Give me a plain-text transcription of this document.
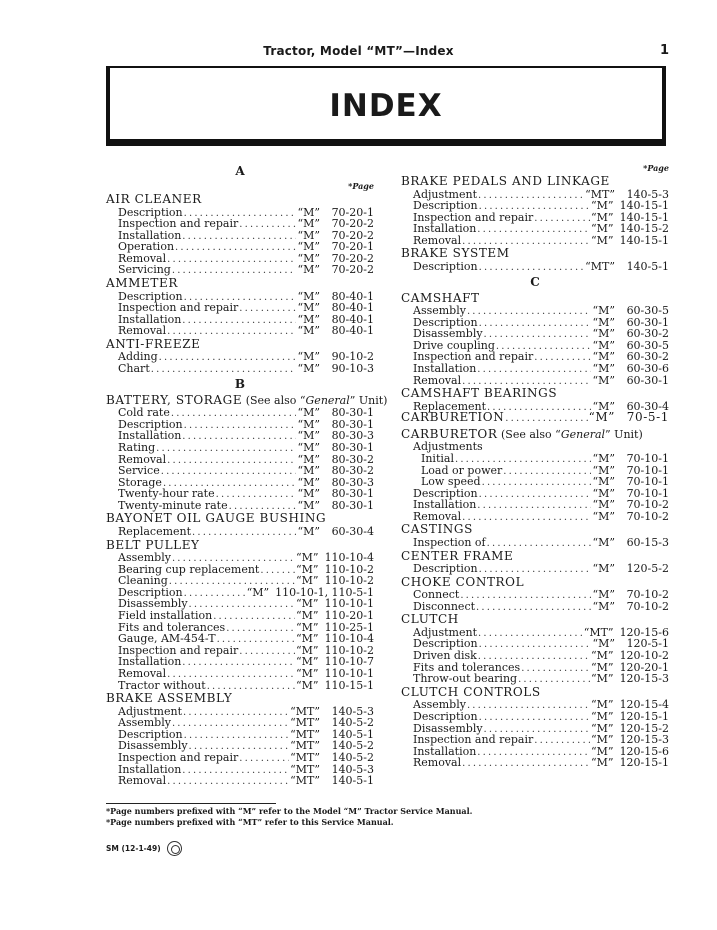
Tractor, Model “MT”—Index	1
INDEX
A
*Page
AIR CLEANER
Description . . .	“M”	70-20-1
Inspection and repair . . .	“M”	70-20-2
Installation . . .	“M”	70-20-2
Operation . . .	“M”	70-20-1
Removal . . .	“M”	70-20-2
Servicing . . .	“M”	70-20-2
AMMETER
Description . . .	“M”	80-40-1
Inspection and repair . . .	“M”	80-40-1
Installation . . .	“M”	80-40-1
Removal . . .	“M”	80-40-1
ANTI-FREEZE
Adding . . .	“M”	90-10-2
Chart . . .	“M”	90-10-3
B
BATTERY, STORAGE (See also “General” Unit)
Cold rate . . .	“M”	80-30-1
Description . . .	“M”	80-30-1
Installation . . .	“M”	80-30-3
Rating . . .	“M”	80-30-1
Removal . . .	“M”	80-30-2
Service . . .	“M”	80-30-2
Storage . . .	“M”	80-30-3
Twenty-hour rate . . .	“M”	80-30-1
Twenty-minute rate . . .	“M”	80-30-1
BAYONET OIL GAUGE BUSHING
Replacement . . .	“M”	60-30-4
BELT PULLEY
Assembly . . .	“M” 110-10-4
Bearing cup replacement . . .	“M” 110-10-2
Cleaning . . .	“M” 110-10-2
Description . . .	“M” 110-10-1, 110-5-1
Disassembly . . .	“M” 110-10-1
Field installation . . .	“M” 110-20-1
Fits and tolerances . . .	“M” 110-25-1
Gauge, AM-454-T . . .	“M” 110-10-4
Inspection and repair . . .	“M” 110-10-2
Installation . . .	“M” 110-10-7
Removal . . .	“M” 110-10-1
Tractor without . . .	“M” 110-15-1
BRAKE ASSEMBLY
Adjustment . . .	“MT”	140-5-3
Assembly . . .	“MT”	140-5-2
Description . . .	“MT”	140-5-1
Disassembly . . .	“MT”	140-5-2
Inspection and repair . . .	“MT”	140-5-2
Installation . . .	“MT”	140-5-3
Removal . . .	“MT”	140-5-1
*Page
BRAKE PEDALS AND LINKAGE
Adjustment . . .	“MT”	140-5-3
Description . . .	“M” 140-15-1
Inspection and repair . . .	“M” 140-15-1
Installation . . .	“M” 140-15-2
Removal . . .	“M” 140-15-1
BRAKE SYSTEM
Description . . .	“MT”	140-5-1
C
CAMSHAFT
Assembly . . .	“M”	60-30-5
Description . . .	“M”	60-30-1
Disassembly . . .	“M”	60-30-2
Drive coupling . . .	“M”	60-30-5
Inspection and repair . . .	“M”	60-30-2
Installation . . .	“M”	60-30-6
Removal . . .	“M”	60-30-1
CAMSHAFT BEARINGS
Replacement . . .	“M”	60-30-4
CARBURETION . . .	“M” 70-5-1
CARBURETOR (See also “General” Unit)
Adjustments
Initial . . .	“M”	70-10-1
Load or power . . .	“M”	70-10-1
Low speed . . .	“M”	70-10-1
Description . . .	“M”	70-10-1
Installation . . .	“M”	70-10-2
Removal . . .	“M”	70-10-2
CASTINGS
Inspection of . . .	“M”	60-15-3
CENTER FRAME
Description . . .	“M”	120-5-2
CHOKE CONTROL
Connect . . .	“M”	70-10-2
Disconnect . . .	“M”	70-10-2
CLUTCH
Adjustment . . .	“MT” 120-15-6
Description . . .	“M”	120-5-1
Driven disk . . .	“M” 120-10-2
Fits and tolerances . . .	“M” 120-20-1
Throw-out bearing . . .	“M” 120-15-3
CLUTCH CONTROLS
Assembly . . .	“M” 120-15-4
Description . . .	“M” 120-15-1
Disassembly . . .	“M” 120-15-2
Inspection and repair . . .	“M” 120-15-3
Installation . . .	“M” 120-15-6
Removal . . .	“M” 120-15-1
*Page numbers prefixed with “M” refer to the Model “M” Tractor Service Manual.
*Page numbers prefixed with “MT” refer to this Service Manual.
SM (12-1-49)
